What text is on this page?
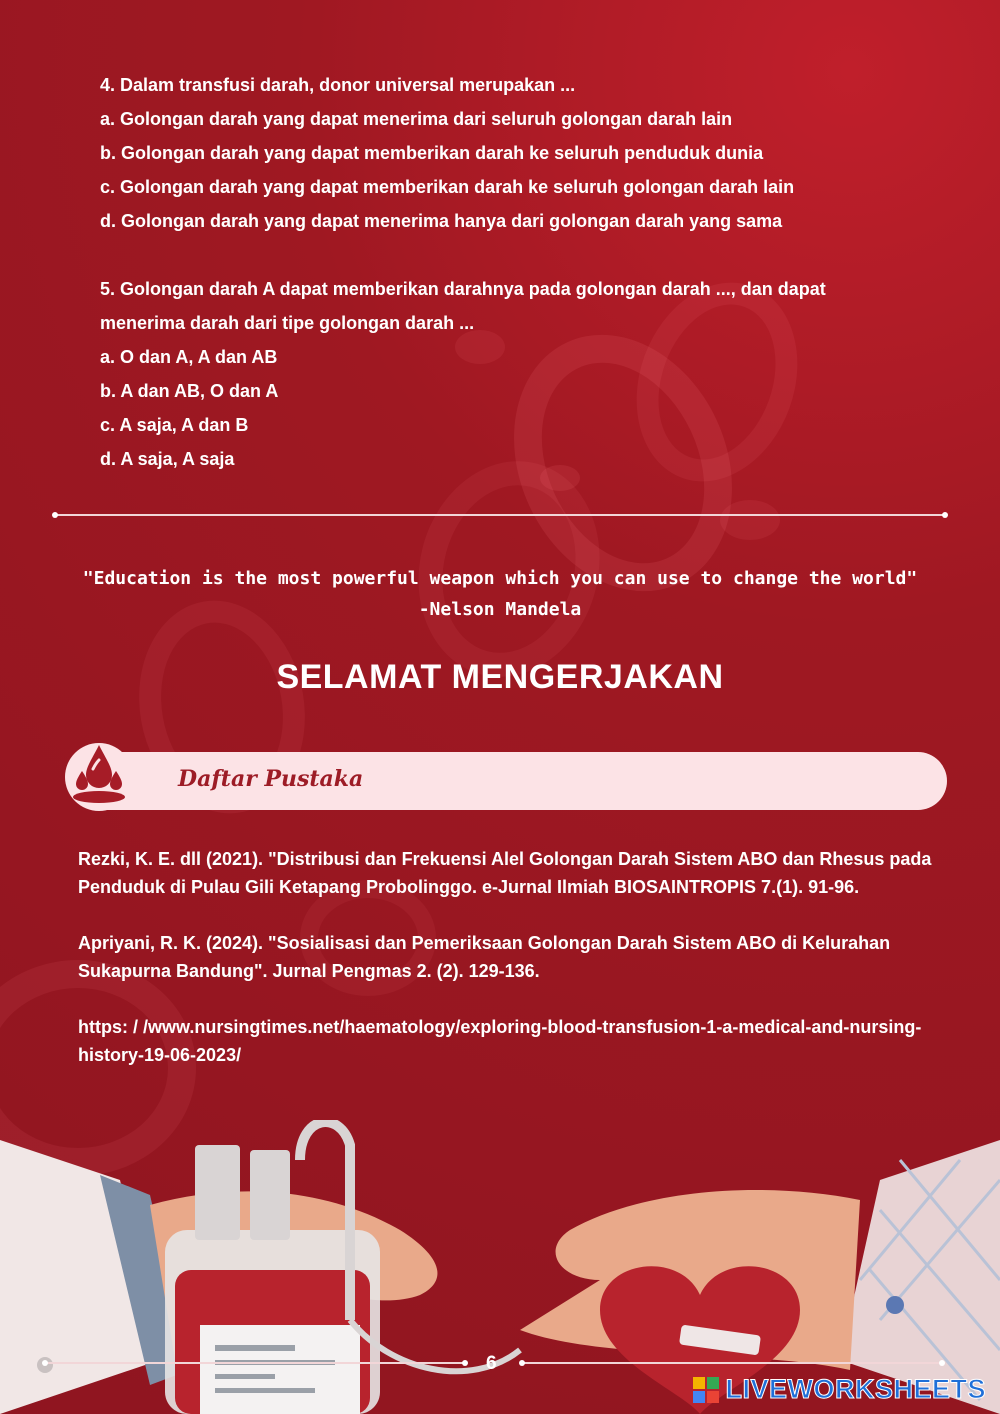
4. Dalam transfusi darah, donor universal merupakan ...
a. Golongan darah yang dapat menerima dari seluruh golongan darah lain
b. Golongan darah yang dapat memberikan darah ke seluruh penduduk dunia
c. Golongan darah yang dapat memberikan darah ke seluruh golongan darah lain
d. Golongan darah yang dapat menerima hanya dari golongan darah yang sama
5. Golongan darah A dapat memberikan darahnya pada golongan darah ..., dan dapat menerima darah dari tipe golongan darah ...
a. O dan A, A dan AB
b. A dan AB, O dan A
c. A saja, A dan B
d. A saja, A saja
"Education is the most powerful weapon which you can use to change the world"
-Nelson Mandela
SELAMAT MENGERJAKAN
Daftar Pustaka
Rezki, K. E. dll (2021). "Distribusi dan Frekuensi Alel Golongan Darah Sistem ABO dan Rhesus pada Penduduk di Pulau Gili Ketapang Probolinggo. e-Jurnal Ilmiah BIOSAINTROPIS 7.(1). 91-96.
Apriyani, R. K. (2024). "Sosialisasi dan Pemeriksaan Golongan Darah Sistem ABO di Kelurahan Sukapurna Bandung". Jurnal Pengmas 2. (2). 129-136.
https: / /www.nursingtimes.net/haematology/exploring-blood-transfusion-1-a-medical-and-nursing-history-19-06-2023/
6
LIVEWORKSHEETS
